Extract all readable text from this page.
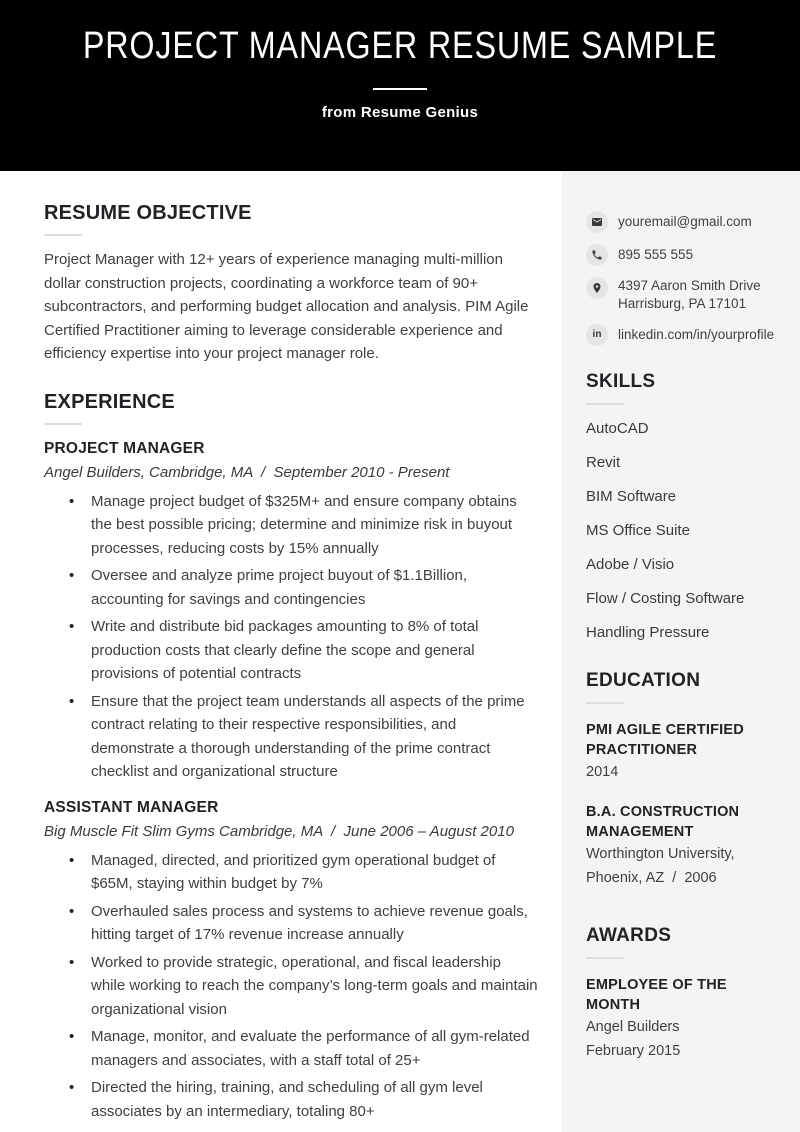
PROJECT MANAGER RESUME SAMPLE
from Resume Genius
RESUME OBJECTIVE

Project Manager with 12+ years of experience managing multi-million dollar construction projects, coordinating a workforce team of 90+ subcontractors, and performing budget allocation and analysis. PIM Agile Certified Practitioner aiming to leverage considerable experience and efficiency expertise into your project manager role.

EXPERIENCE
PROJECT MANAGER
Angel Builders, Cambridge, MA  /  September 2010 - Present
• Manage project budget of $325M+ and ensure company obtains the best possible pricing; determine and minimize risk in buyout processes, reducing costs by 15% annually
• Oversee and analyze prime project buyout of $1.1Billion, accounting for savings and contingencies
• Write and distribute bid packages amounting to 8% of total production costs that clearly define the scope and general provisions of potential contracts
• Ensure that the project team understands all aspects of the prime contract relating to their respective responsibilities, and demonstrate a thorough understanding of the prime contract checklist and organizational structure
ASSISTANT MANAGER
Big Muscle Fit Slim Gyms Cambridge, MA  /  June 2006 – August 2010
• Managed, directed, and prioritized gym operational budget of $65M, staying within budget by 7%
• Overhauled sales process and systems to achieve revenue goals, hitting target of 17% revenue increase annually
• Worked to provide strategic, operational, and fiscal leadership while working to reach the company’s long-term goals and maintain organizational vision
• Manage, monitor, and evaluate the performance of all gym-related managers and associates, with a staff total of 25+
• Directed the hiring, training, and scheduling of all gym level associates by an intermediary, totaling 80+
youremail@gmail.com
895 555 555
4397 Aaron Smith Drive
Harrisburg, PA 17101
in linkedin.com/in/yourprofile
SKILLS
AutoCAD
Revit
BIM Software
MS Office Suite
Adobe / Visio
Flow / Costing Software
Handling Pressure
EDUCATION
PMI AGILE CERTIFIED PRACTITIONER
2014
B.A. CONSTRUCTION MANAGEMENT
Worthington University,
Phoenix, AZ  /  2006
AWARDS
EMPLOYEE OF THE MONTH
Angel Builders
February 2015
